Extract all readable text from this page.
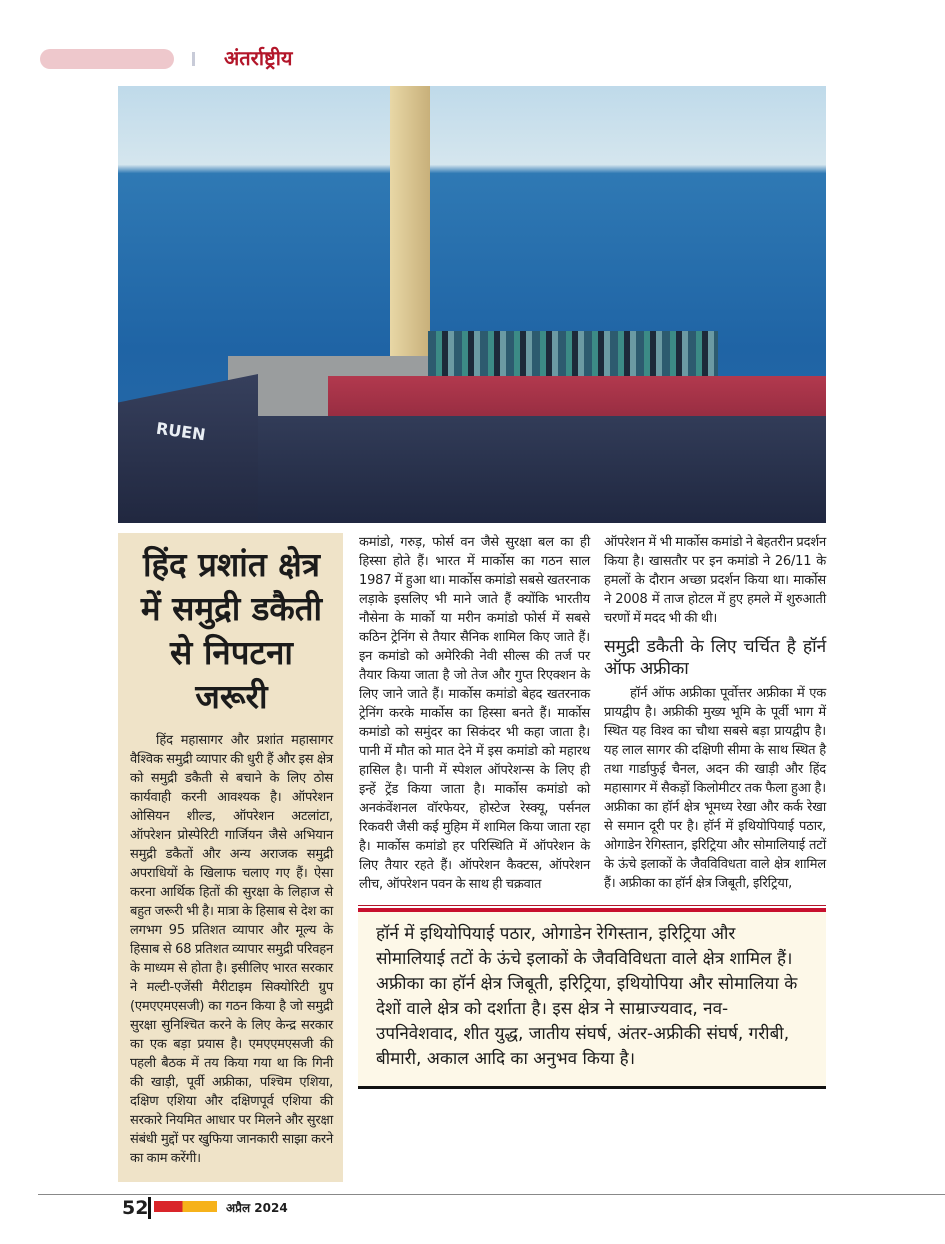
अंतर्राष्ट्रीय
RUEN
हिंद प्रशांत क्षेत्र में समुद्री डकैती से निपटना जरूरी

हिंद महासागर और प्रशांत महासागर वैश्विक समुद्री व्यापार की धुरी हैं और इस क्षेत्र को समुद्री डकैती से बचाने के लिए ठोस कार्यवाही करनी आवश्यक है। ऑपरेशन ओसियन शील्ड, ऑपरेशन अटलांटा, ऑपरेशन प्रोस्पेरिटी गार्जियन जैसे अभियान समुद्री डकैतों और अन्य अराजक समुद्री अपराधियों के खिलाफ चलाए गए हैं। ऐसा करना आर्थिक हितों की सुरक्षा के लिहाज से बहुत जरूरी भी है। मात्रा के हिसाब से देश का लगभग 95 प्रतिशत व्यापार और मूल्य के हिसाब से 68 प्रतिशत व्यापार समुद्री परिवहन के माध्यम से होता है। इसीलिए भारत सरकार ने मल्टी-एजेंसी मैरीटाइम सिक्योरिटी ग्रुप (एमएएमएसजी) का गठन किया है जो समुद्री सुरक्षा सुनिश्चित करने के लिए केन्द्र सरकार का एक बड़ा प्रयास है। एमएएमएसजी की पहली बैठक में तय किया गया था कि गिनी की खाड़ी, पूर्वी अफ्रीका, पश्चिम एशिया, दक्षिण एशिया और दक्षिणपूर्व एशिया की सरकारे नियमित आधार पर मिलने और सुरक्षा संबंधी मुद्दों पर खुफिया जानकारी साझा करने का काम करेंगी।

कमांडो, गरुड़, फोर्स वन जैसे सुरक्षा बल का ही हिस्सा होते हैं। भारत में मार्कोस का गठन साल 1987 में हुआ था। मार्कोस कमांडो सबसे खतरनाक लड़ाके इसलिए भी माने जाते हैं क्योंकि भारतीय नौसेना के मार्को या मरीन कमांडो फोर्स में सबसे कठिन ट्रेनिंग से तैयार सैनिक शामिल किए जाते हैं। इन कमांडो को अमेरिकी नेवी सील्स की तर्ज पर तैयार किया जाता है जो तेज और गुप्त रिएक्शन के लिए जाने जाते हैं। मार्कोस कमांडो बेहद खतरनाक ट्रेनिंग करके मार्कोस का हिस्सा बनते हैं। मार्कोस कमांडो को समुंदर का सिकंदर भी कहा जाता है। पानी में मौत को मात देने में इस कमांडो को महारथ हासिल है। पानी में स्पेशल ऑपरेशन्स के लिए ही इन्हें ट्रेंड किया जाता है। मार्कोस कमांडो को अनकंवेंशनल वॉरफेयर, होस्टेज रेस्क्यू, पर्सनल रिकवरी जैसी कई मुहिम में शामिल किया जाता रहा है। मार्कोस कमांडो हर परिस्थिति में ऑपरेशन के लिए तैयार रहते हैं। ऑपरेशन कैक्टस, ऑपरेशन लीच, ऑपरेशन पवन के साथ ही चक्रवात
ऑपरेशन में भी मार्कोस कमांडो ने बेहतरीन प्रदर्शन किया है। खासतौर पर इन कमांडो ने 26/11 के हमलों के दौरान अच्छा प्रदर्शन किया था। मार्कोस ने 2008 में ताज होटल में हुए हमले में शुरुआती चरणों में मदद भी की थी।
समुद्री डकैती के लिए चर्चित है हॉर्न ऑफ अफ्रीका

हॉर्न ऑफ अफ्रीका पूर्वोत्तर अफ्रीका में एक प्रायद्वीप है। अफ्रीकी मुख्य भूमि के पूर्वी भाग में स्थित यह विश्व का चौथा सबसे बड़ा प्रायद्वीप है। यह लाल सागर की दक्षिणी सीमा के साथ स्थित है तथा गार्डाफुई चैनल, अदन की खाड़ी और हिंद महासागर में सैकड़ों किलोमीटर तक फैला हुआ है। अफ्रीका का हॉर्न क्षेत्र भूमध्य रेखा और कर्क रेखा से समान दूरी पर है। हॉर्न में इथियोपियाई पठार, ओगाडेन रेगिस्तान, इरिट्रिया और सोमालियाई तटों के ऊंचे इलाकों के जैवविविधता वाले क्षेत्र शामिल हैं। अफ्रीका का हॉर्न क्षेत्र जिबूती, इरिट्रिया,

हॉर्न में इथियोपियाई पठार, ओगाडेन रेगिस्तान, इरिट्रिया और सोमालियाई तटों के ऊंचे इलाकों के जैवविविधता वाले क्षेत्र शामिल हैं। अफ्रीका का हॉर्न क्षेत्र जिबूती, इरिट्रिया, इथियोपिया और सोमालिया के देशों वाले क्षेत्र को दर्शाता है। इस क्षेत्र ने साम्राज्यवाद, नव-उपनिवेशवाद, शीत युद्ध, जातीय संघर्ष, अंतर-अफ्रीकी संघर्ष, गरीबी, बीमारी, अकाल आदि का अनुभव किया है।

52	अप्रैल 2024
